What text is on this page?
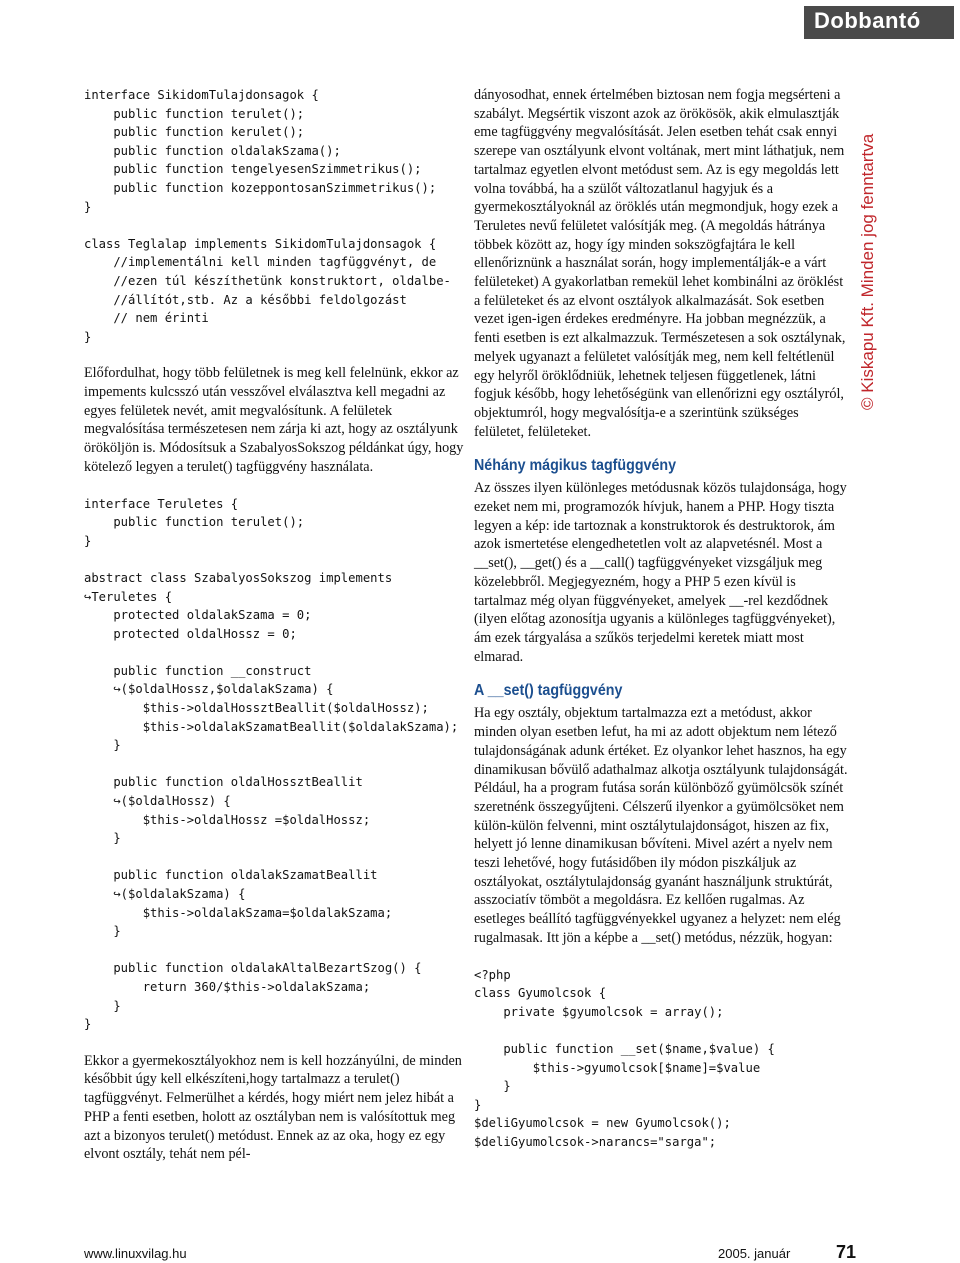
Dobbantó
interface SikidomTulajdonsagok {
public function terulet();
public function kerulet();
public function oldalakSzama();
public function tengelyesenSzimmetrikus();
public function kozeppontosanSzimmetrikus();
}

class Teglalap implements SikidomTulajdonsagok {
//implementálni kell minden tagfüggvényt, de
//ezen túl készíthetünk konstruktort, oldalbe-
//állítót,stb. Az a későbbi feldolgozást
// nem érinti
}

Előfordulhat, hogy több felületnek is meg kell felelnünk, ekkor az impements kulcsszó után vesszővel elválasztva kell megadni az egyes felületek nevét, amit megvalósítunk. A felületek megvalósítása természetesen nem zárja ki azt, hogy az osztályunk örököljön is. Módosítsuk a SzabalyosSokszog példánkat úgy, hogy kötelező legyen a terulet() tagfüggvény használata.

interface Teruletes {
public function terulet();
}

abstract class SzabalyosSokszog implements
↪Teruletes {
protected oldalakSzama = 0;
protected oldalHossz = 0;

public function __construct
↪($oldalHossz,$oldalakSzama) {
$this->oldalHossztBeallit($oldalHossz);
$this->oldalakSzamatBeallit($oldalakSzama);
}

public function oldalHossztBeallit
↪($oldalHossz) {
$this->oldalHossz =$oldalHossz;
}

public function oldalakSzamatBeallit
↪($oldalakSzama) {
$this->oldalakSzama=$oldalakSzama;
}

public function oldalakAltalBezartSzog() {
return 360/$this->oldalakSzama;
}
}

Ekkor a gyermekosztályokhoz nem is kell hozzányúlni, de minden későbbit úgy kell elkészíteni,hogy tartalmazz a terulet() tagfüggvényt. Felmerülhet a kérdés, hogy miért nem jelez hibát a PHP a fenti esetben, holott az osztályban nem is valósítottuk meg azt a bizonyos terulet() metódust. Ennek az az oka, hogy ez egy elvont osztály, tehát nem pél-

dányosodhat, ennek értelmében biztosan nem fogja megsérteni a szabályt. Megsértik viszont azok az örökösök, akik elmulasztják eme tagfüggvény megvalósítását. Jelen esetben tehát csak ennyi szerepe van osztályunk elvont voltának, mert mint láthatjuk, nem tartalmaz egyetlen elvont metódust sem. Az is egy megoldás lett volna továbbá, ha a szülőt változatlanul hagyjuk és a gyermekosztályoknál az öröklés után megmondjuk, hogy ezek a Teruletes nevű felületet valósítják meg. (A megoldás hátránya többek között az, hogy így minden sokszögfajtára le kell ellenőriznünk a használat során, hogy implementálják-e a várt felületeket) A gyakorlatban remekül lehet kombinálni az öröklést a felületeket és az elvont osztályok alkalmazását. Sok esetben vezet igen-igen érdekes eredményre. Ha jobban megnézzük, a fenti esetben is ezt alkalmazzuk. Természetesen a sok osztálynak, melyek ugyanazt a felületet valósítják meg, nem kell feltétlenül egy helyről öröklődniük, lehetnek teljesen függetlenek, látni fogjuk később, hogy lehetőségünk van ellenőrizni egy osztályról, objektumról, hogy megvalósítja-e a szerintünk szükséges felületet, felületeket.

Néhány mágikus tagfüggvény

Az összes ilyen különleges metódusnak közös tulajdonsága, hogy ezeket nem mi, programozók hívjuk, hanem a PHP. Hogy tiszta legyen a kép: ide tartoznak a konstruktorok és destruktorok, ám azok ismertetése elengedhetetlen volt az alapvetésnél. Most a __set(), __get() és a __call() tagfüggvényeket vizsgáljuk meg közelebbről. Megjegyezném, hogy a PHP 5 ezen kívül is tartalmaz még olyan függvényeket, amelyek __-rel kezdődnek (ilyen előtag azonosítja ugyanis a különleges tagfüggvényeket), ám ezek tárgyalása a szűkös terjedelmi keretek miatt most elmarad.

A __set() tagfüggvény

Ha egy osztály, objektum tartalmazza ezt a metódust, akkor minden olyan esetben lefut, ha mi az adott objektum nem létező tulajdonságának adunk értéket. Ez olyankor lehet hasznos, ha egy dinamikusan bővülő adathalmaz alkotja osztályunk tulajdonságát. Például, ha a program futása során különböző gyümölcsök színét szeretnénk összegyűjteni. Célszerű ilyenkor a gyümölcsöket nem külön-külön felvenni, mint osztálytulajdonságot, hiszen az fix, helyett jó lenne dinamikusan bővíteni. Mivel azért a nyelv nem teszi lehetővé, hogy futásidőben ily módon piszkáljuk az osztályokat, osztálytulajdonság gyanánt használjunk struktúrát, asszociatív tömböt a megoldásra. Ez kellően rugalmas. Az esetleges beállító tagfüggvényekkel ugyanez a helyzet: nem elég rugalmasak. Itt jön a képbe a __set() metódus, nézzük, hogyan:

<?php
class Gyumolcsok {
private $gyumolcsok = array();

public function __set($name,$value) {
$this->gyumolcsok[$name]=$value
}
}
$deliGyumolcsok = new Gyumolcsok();
$deliGyumolcsok->narancs="sarga";
© Kiskapu Kft. Minden jog fenntartva
www.linuxvilag.hu	2005. január	71
